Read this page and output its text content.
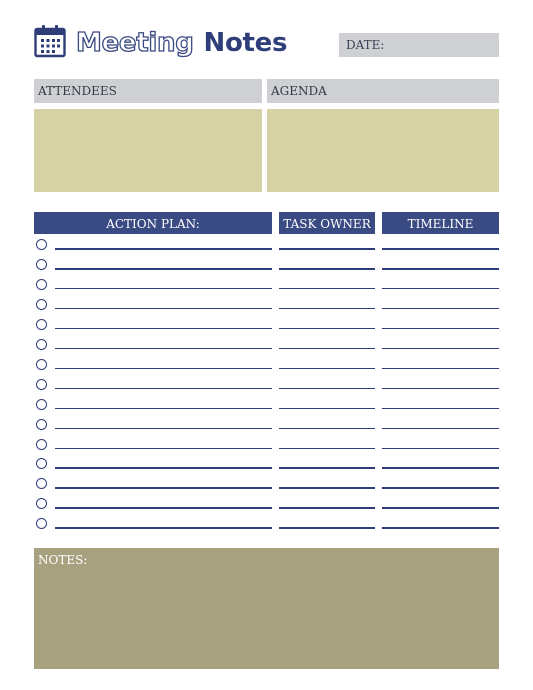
Meeting Notes	DATE:
ATTENDEES	AGENDA
ACTION PLAN:	TASK OWNER	TIMELINE
NOTES:
